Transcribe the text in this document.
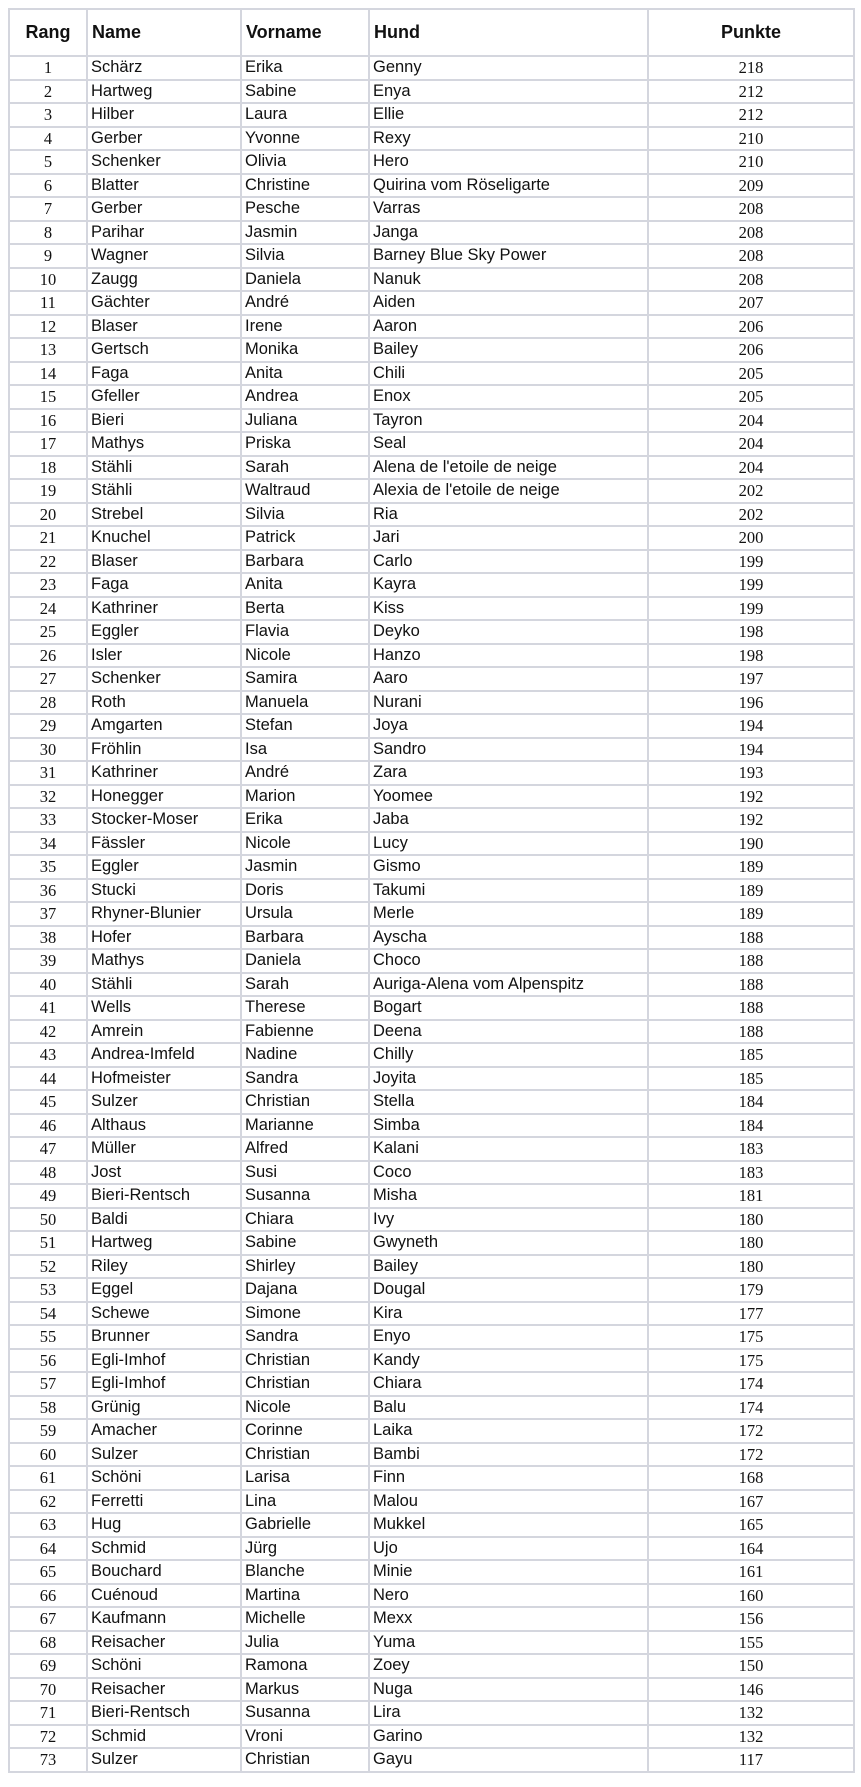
Rang	Name	Vorname	Hund	Punkte
1	Schärz	Erika	Genny	218
2	Hartweg	Sabine	Enya	212
3	Hilber	Laura	Ellie	212
4	Gerber	Yvonne	Rexy	210
5	Schenker	Olivia	Hero	210
6	Blatter	Christine	Quirina vom Röseligarte	209
7	Gerber	Pesche	Varras	208
8	Parihar	Jasmin	Janga	208
9	Wagner	Silvia	Barney Blue Sky Power	208
10	Zaugg	Daniela	Nanuk	208
11	Gächter	André	Aiden	207
12	Blaser	Irene	Aaron	206
13	Gertsch	Monika	Bailey	206
14	Faga	Anita	Chili	205
15	Gfeller	Andrea	Enox	205
16	Bieri	Juliana	Tayron	204
17	Mathys	Priska	Seal	204
18	Stähli	Sarah	Alena de l'etoile de neige	204
19	Stähli	Waltraud	Alexia de l'etoile de neige	202
20	Strebel	Silvia	Ria	202
21	Knuchel	Patrick	Jari	200
22	Blaser	Barbara	Carlo	199
23	Faga	Anita	Kayra	199
24	Kathriner	Berta	Kiss	199
25	Eggler	Flavia	Deyko	198
26	Isler	Nicole	Hanzo	198
27	Schenker	Samira	Aaro	197
28	Roth	Manuela	Nurani	196
29	Amgarten	Stefan	Joya	194
30	Fröhlin	Isa	Sandro	194
31	Kathriner	André	Zara	193
32	Honegger	Marion	Yoomee	192
33	Stocker-Moser	Erika	Jaba	192
34	Fässler	Nicole	Lucy	190
35	Eggler	Jasmin	Gismo	189
36	Stucki	Doris	Takumi	189
37	Rhyner-Blunier	Ursula	Merle	189
38	Hofer	Barbara	Ayscha	188
39	Mathys	Daniela	Choco	188
40	Stähli	Sarah	Auriga-Alena vom Alpenspitz	188
41	Wells	Therese	Bogart	188
42	Amrein	Fabienne	Deena	188
43	Andrea-Imfeld	Nadine	Chilly	185
44	Hofmeister	Sandra	Joyita	185
45	Sulzer	Christian	Stella	184
46	Althaus	Marianne	Simba	184
47	Müller	Alfred	Kalani	183
48	Jost	Susi	Coco	183
49	Bieri-Rentsch	Susanna	Misha	181
50	Baldi	Chiara	Ivy	180
51	Hartweg	Sabine	Gwyneth	180
52	Riley	Shirley	Bailey	180
53	Eggel	Dajana	Dougal	179
54	Schewe	Simone	Kira	177
55	Brunner	Sandra	Enyo	175
56	Egli-Imhof	Christian	Kandy	175
57	Egli-Imhof	Christian	Chiara	174
58	Grünig	Nicole	Balu	174
59	Amacher	Corinne	Laika	172
60	Sulzer	Christian	Bambi	172
61	Schöni	Larisa	Finn	168
62	Ferretti	Lina	Malou	167
63	Hug	Gabrielle	Mukkel	165
64	Schmid	Jürg	Ujo	164
65	Bouchard	Blanche	Minie	161
66	Cuénoud	Martina	Nero	160
67	Kaufmann	Michelle	Mexx	156
68	Reisacher	Julia	Yuma	155
69	Schöni	Ramona	Zoey	150
70	Reisacher	Markus	Nuga	146
71	Bieri-Rentsch	Susanna	Lira	132
72	Schmid	Vroni	Garino	132
73	Sulzer	Christian	Gayu	117
